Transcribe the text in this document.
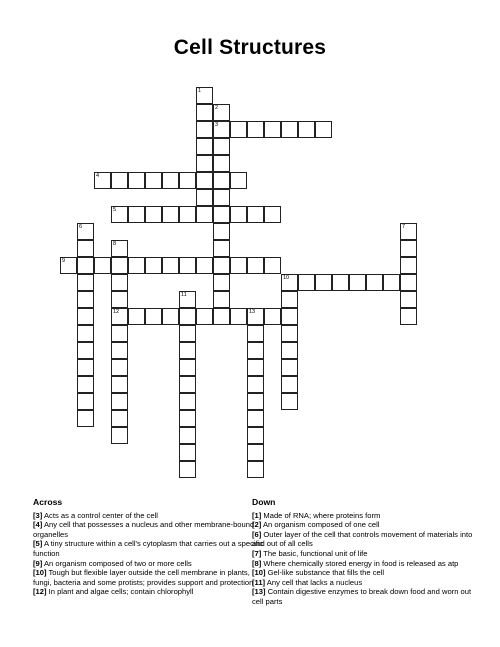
Cell Structures
3
4
5
9
10
12	13
1
2
6	7
8
11
Across

[3] Acts as a control center of the cell

[4] Any cell that possesses a nucleus and other membrane-bound organelles

[5] A tiny structure within a cell's cytoplasm that carries out a specific function

[9] An organism composed of two or more cells

[10] Tough but flexible layer outside the cell membrane in plants, fungi, bacteria and some protists; provides support and protection

[12] In plant and algae cells; contain chlorophyll

Down

[1] Made of RNA; where proteins form

[2] An organism composed of one cell

[6] Outer layer of the cell that controls movement of materials into and out of all cells

[7] The basic, functional unit of life

[8] Where chemically stored energy in food is released as atp

[10] Gel-like substance that fills the cell

[11] Any cell that lacks a nucleus

[13] Contain digestive enzymes to break down food and worn out cell parts
